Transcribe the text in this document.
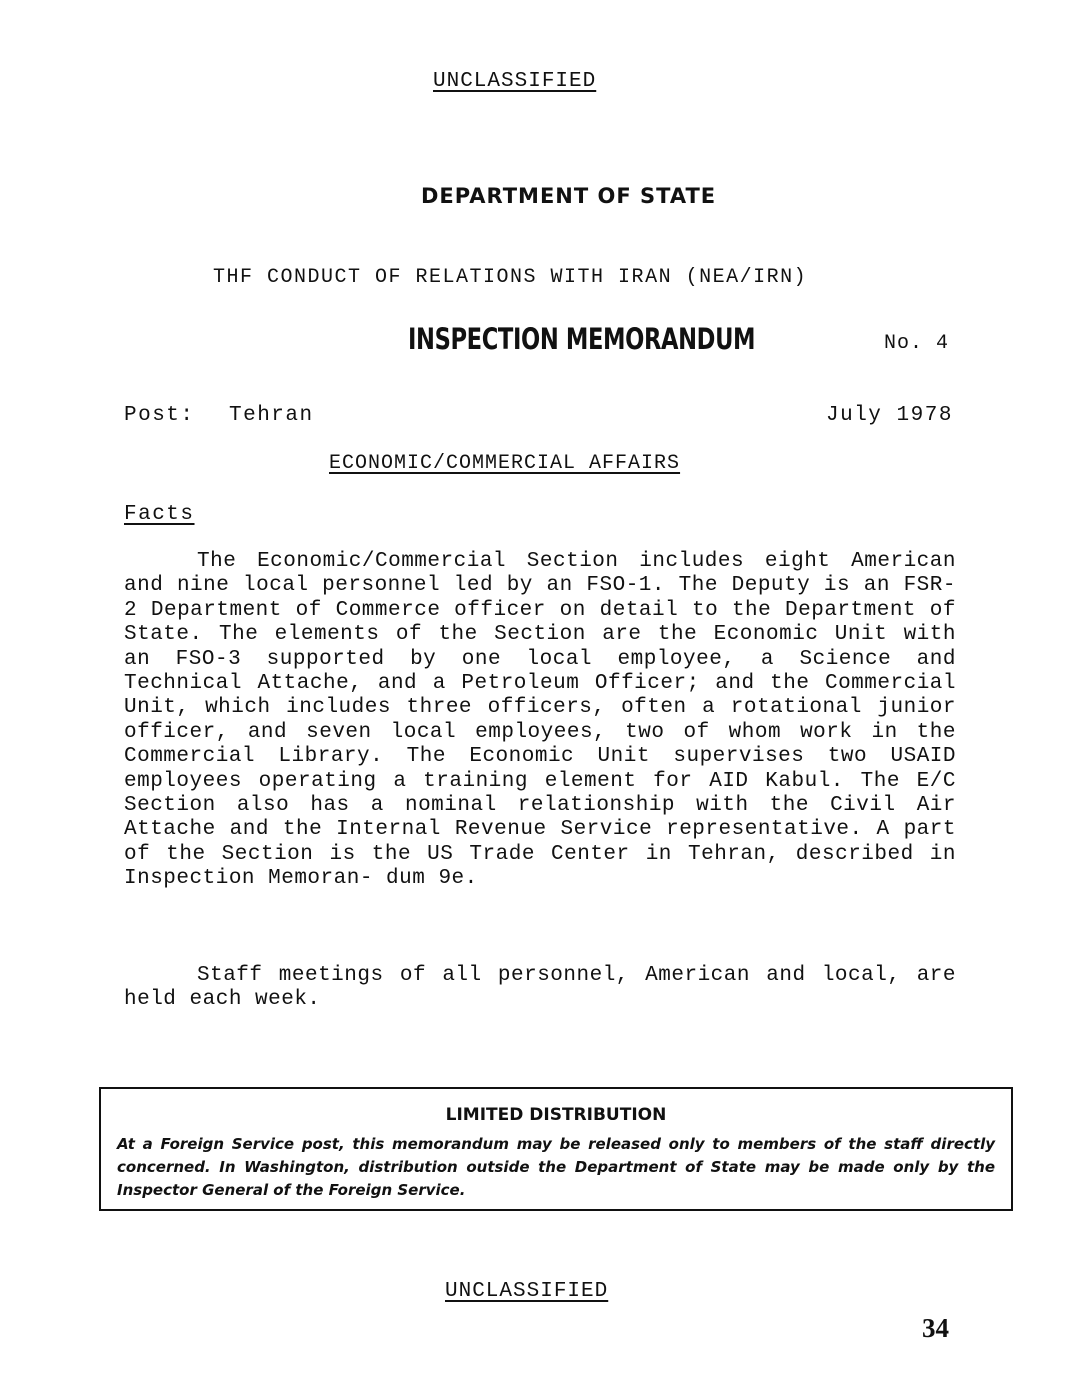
UNCLASSIFIED
DEPARTMENT OF STATE
THF CONDUCT OF RELATIONS WITH IRAN (NEA/IRN)
INSPECTION MEMORANDUM	No. 4
Post: Tehran	July 1978
ECONOMIC/COMMERCIAL AFFAIRS
Facts

The Economic/Commercial Section includes eight American and nine local personnel led by an FSO-1. The Deputy is an FSR-2 Department of Commerce officer on detail to the Department of State. The elements of the Section are the Economic Unit with an FSO-3 supported by one local employee, a Science and Technical Attache, and a Petroleum Officer; and the Commercial Unit, which includes three officers, often a rotational junior officer, and seven local employees, two of whom work in the Commercial Library. The Economic Unit supervises two USAID employees operating a training element for AID Kabul. The E/C Section also has a nominal relationship with the Civil Air Attache and the Internal Revenue Service representative. A part of the Section is the US Trade Center in Tehran, described in Inspection Memoran- dum 9e.

Staff meetings of all personnel, American and local, are held each week.

LIMITED DISTRIBUTION
At a Foreign Service post, this memorandum may be released only to members of the staff directly concerned. In Washington, distribution outside the Department of State may be made only by the Inspector General of the Foreign Service.
UNCLASSIFIED
34
